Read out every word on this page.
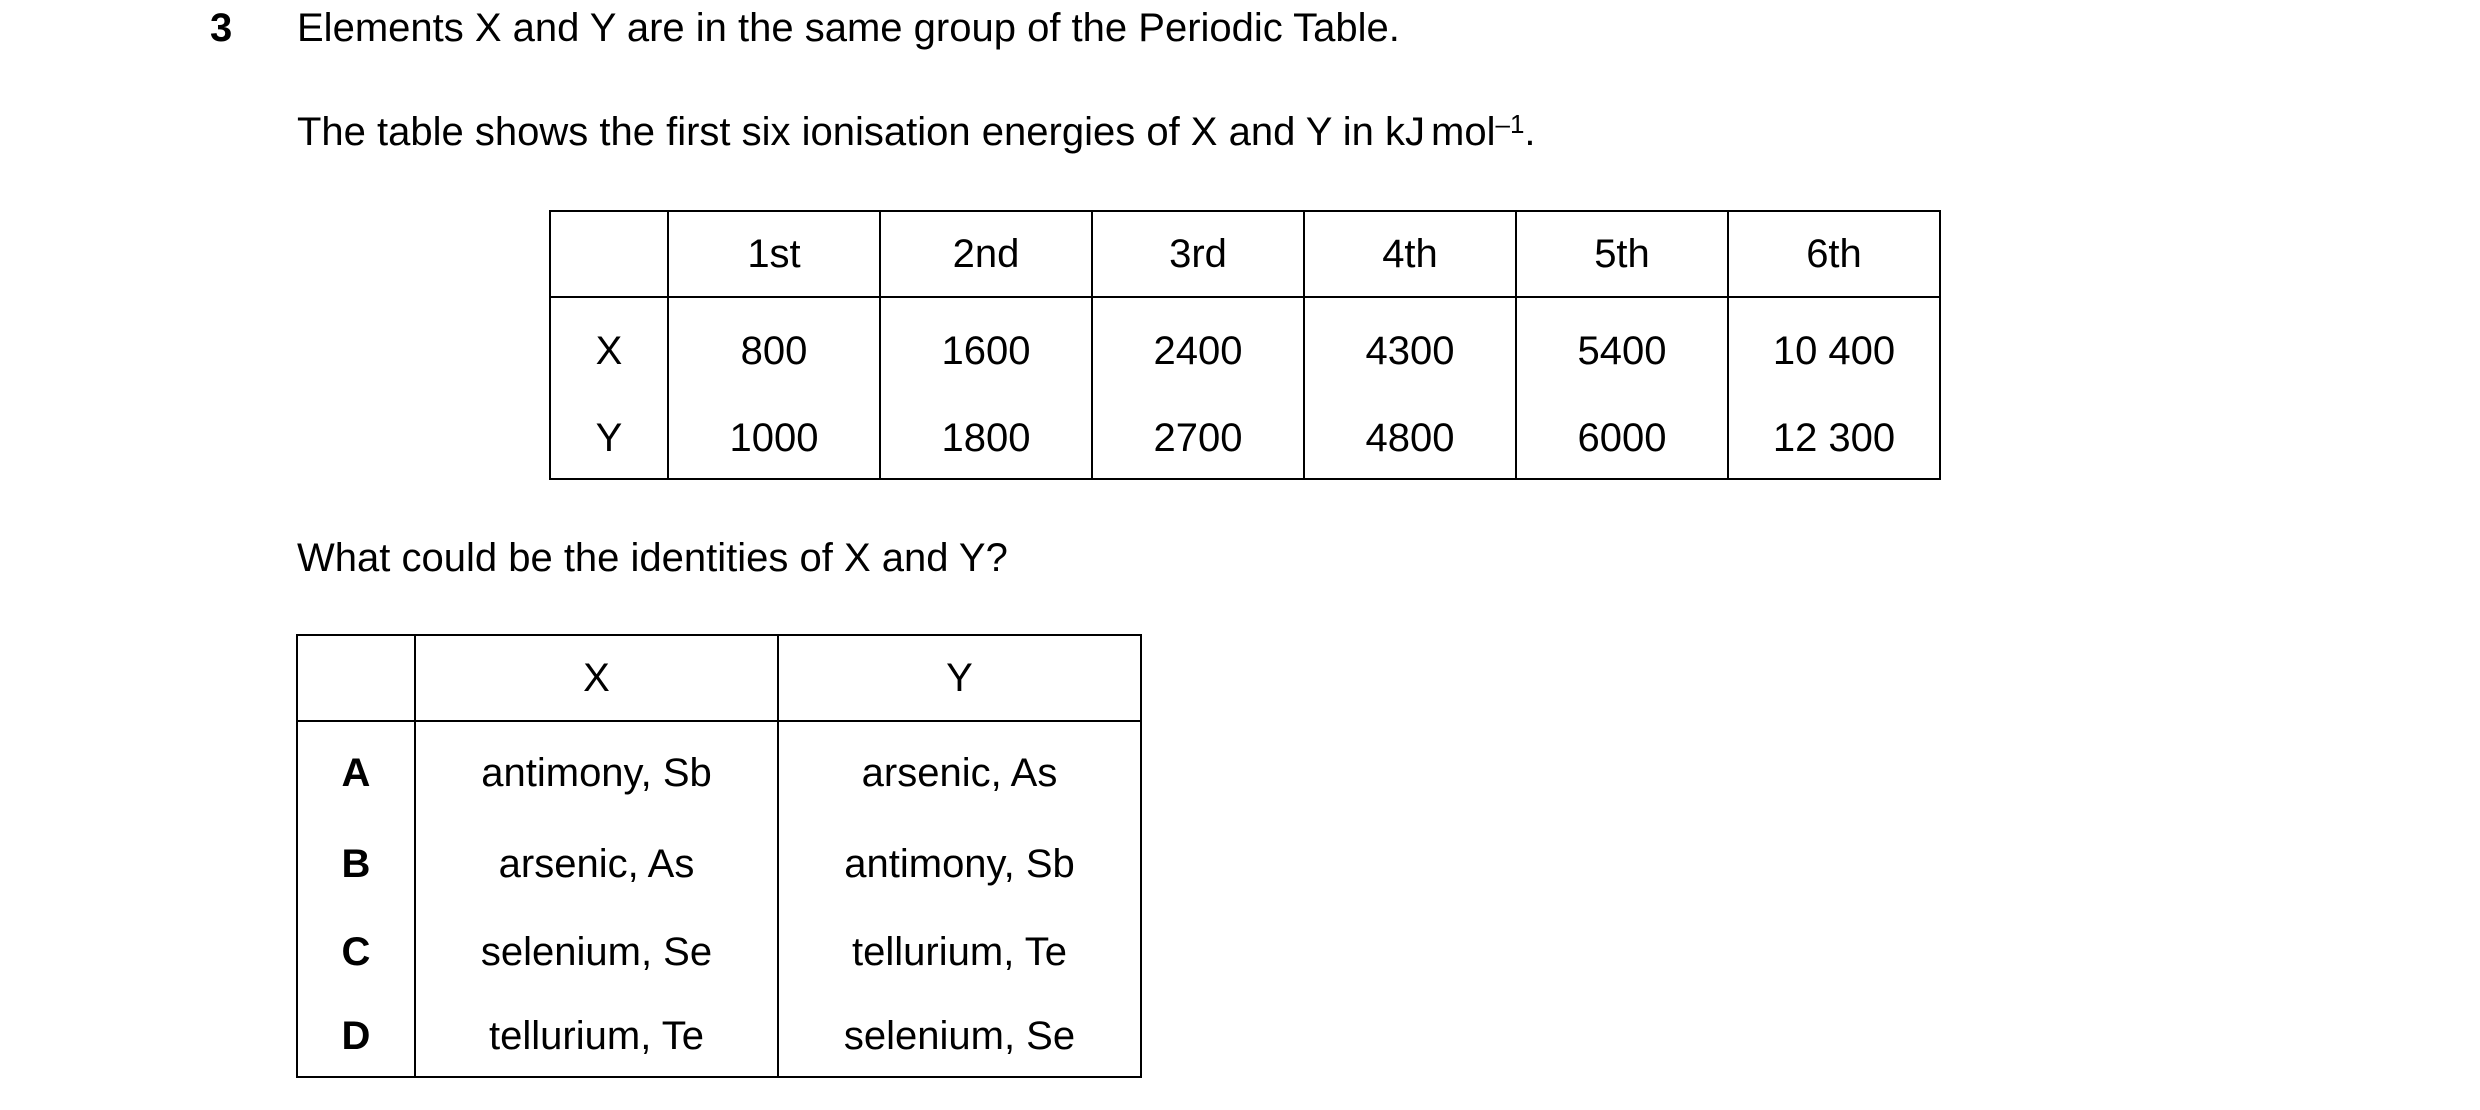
3 Elements X and Y are in the same group of the Periodic Table.
The table shows the first six ionisation energies of X and Y in kJ mol$^{-1}$.
	1st	2nd	3rd	4th	5th	6th
X	800	1600	2400	4300	5400	10 400
Y	1000	1800	2700	4800	6000	12 300
What could be the identities of X and Y?
	X	Y
A	antimony, Sb	arsenic, As
B	arsenic, As	antimony, Sb
C	selenium, Se	tellurium, Te
D	tellurium, Te	selenium, Se
